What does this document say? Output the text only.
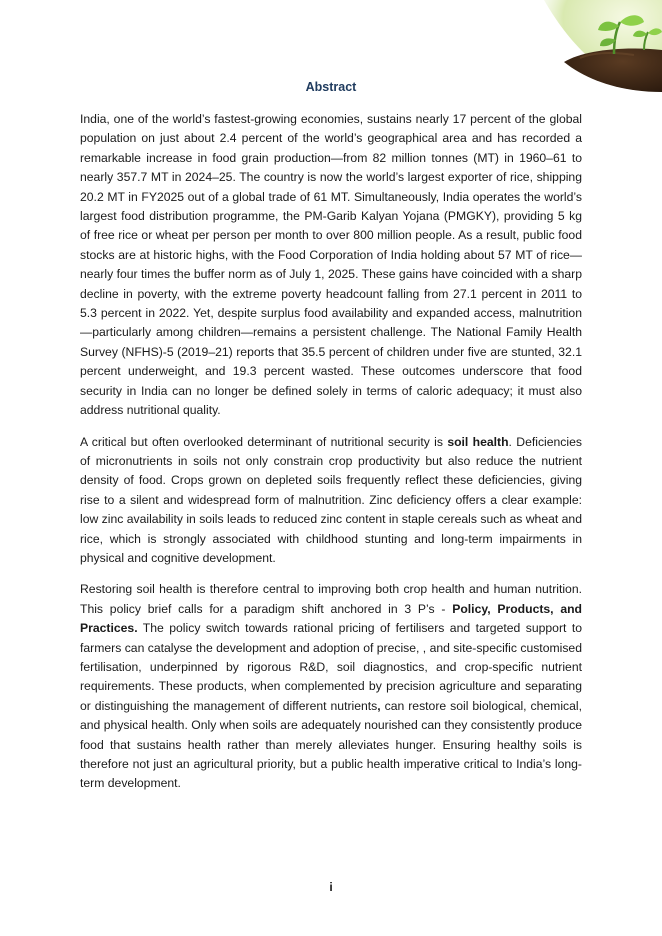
Abstract

India, one of the world’s fastest-growing economies, sustains nearly 17 percent of the global population on just about 2.4 percent of the world’s geographical area and has recorded a remarkable increase in food grain production—from 82 million tonnes (MT) in 1960–61 to nearly 357.7 MT in 2024–25. The country is now the world’s largest exporter of rice, shipping 20.2 MT in FY2025 out of a global trade of 61 MT. Simultaneously, India operates the world’s largest food distribution programme, the PM-Garib Kalyan Yojana (PMGKY), providing 5 kg of free rice or wheat per person per month to over 800 million people. As a result, public food stocks are at historic highs, with the Food Corporation of India holding about 57 MT of rice—nearly four times the buffer norm as of July 1, 2025. These gains have coincided with a sharp decline in poverty, with the extreme poverty headcount falling from 27.1 percent in 2011 to 5.3 percent in 2022. Yet, despite surplus food availability and expanded access, malnutrition—particularly among children—remains a persistent challenge. The National Family Health Survey (NFHS)-5 (2019–21) reports that 35.5 percent of children under five are stunted, 32.1 percent underweight, and 19.3 percent wasted. These outcomes underscore that food security in India can no longer be defined solely in terms of caloric adequacy; it must also address nutritional quality.

A critical but often overlooked determinant of nutritional security is soil health. Deficiencies of micronutrients in soils not only constrain crop productivity but also reduce the nutrient density of food. Crops grown on depleted soils frequently reflect these deficiencies, giving rise to a silent and widespread form of malnutrition. Zinc deficiency offers a clear example: low zinc availability in soils leads to reduced zinc content in staple cereals such as wheat and rice, which is strongly associated with childhood stunting and long-term impairments in physical and cognitive development.

Restoring soil health is therefore central to improving both crop health and human nutrition. This policy brief calls for a paradigm shift anchored in 3 P’s - Policy, Products, and Practices. The policy switch towards rational pricing of fertilisers and targeted support to farmers can catalyse the development and adoption of precise, , and site-specific customised fertilisation, underpinned by rigorous R&D, soil diagnostics, and crop-specific nutrient requirements. These products, when complemented by precision agriculture and separating or distinguishing the management of different nutrients, can restore soil biological, chemical, and physical health. Only when soils are adequately nourished can they consistently produce food that sustains health rather than merely alleviates hunger. Ensuring healthy soils is therefore not just an agricultural priority, but a public health imperative critical to India’s long-term development.

i
